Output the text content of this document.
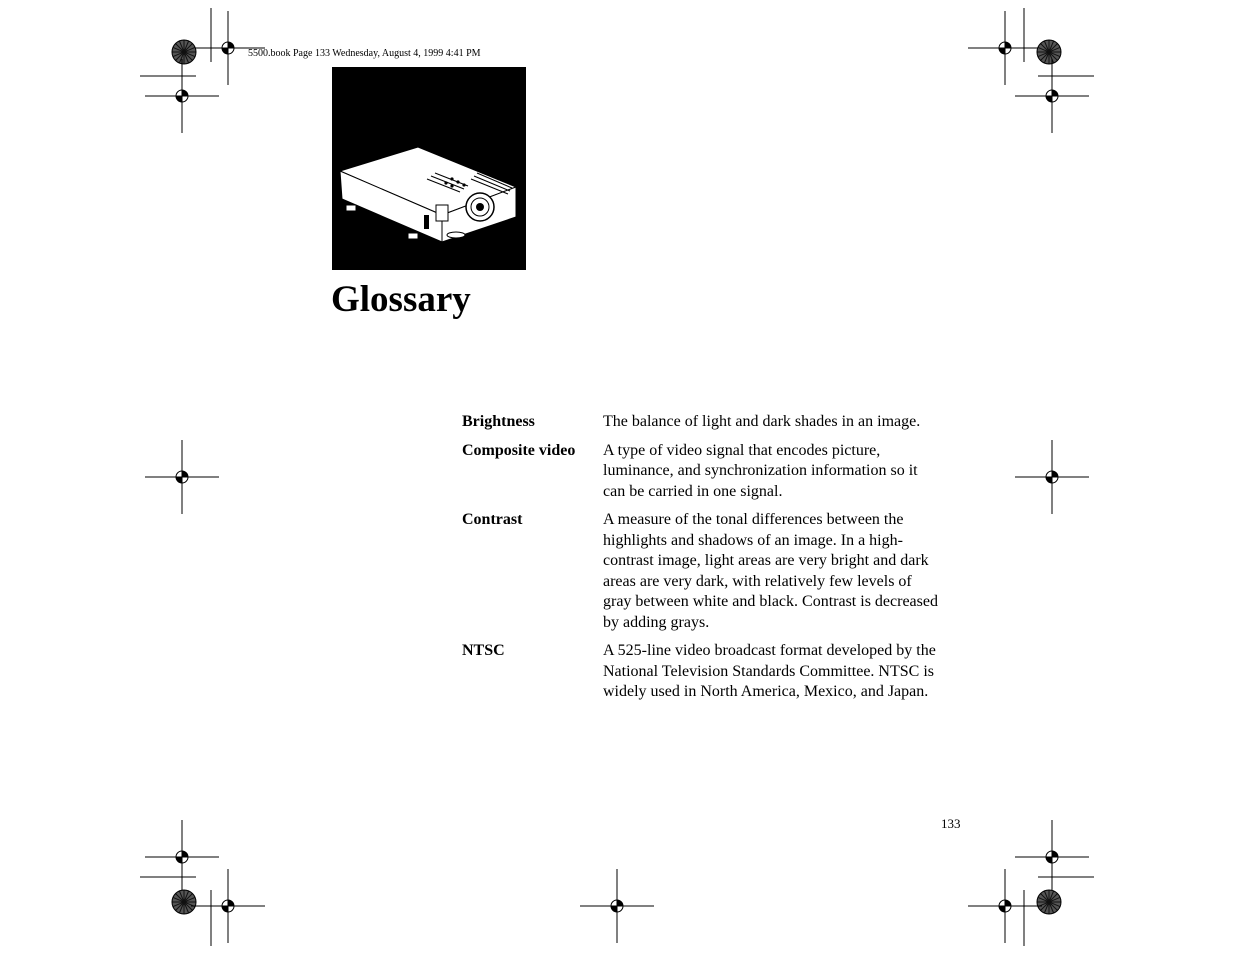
5500.book Page 133 Wednesday, August 4, 1999 4:41 PM
Glossary
Brightness	The balance of light and dark shades in an image.
Composite video	A type of video signal that encodes picture, luminance, and synchronization information so it can be carried in one signal.
Contrast	A measure of the tonal differences between the highlights and shadows of an image. In a high-contrast image, light areas are very bright and dark areas are very dark, with relatively few levels of gray between white and black. Contrast is decreased by adding grays.
NTSC	A 525-line video broadcast format developed by the National Television Standards Committee. NTSC is widely used in North America, Mexico, and Japan.
133
